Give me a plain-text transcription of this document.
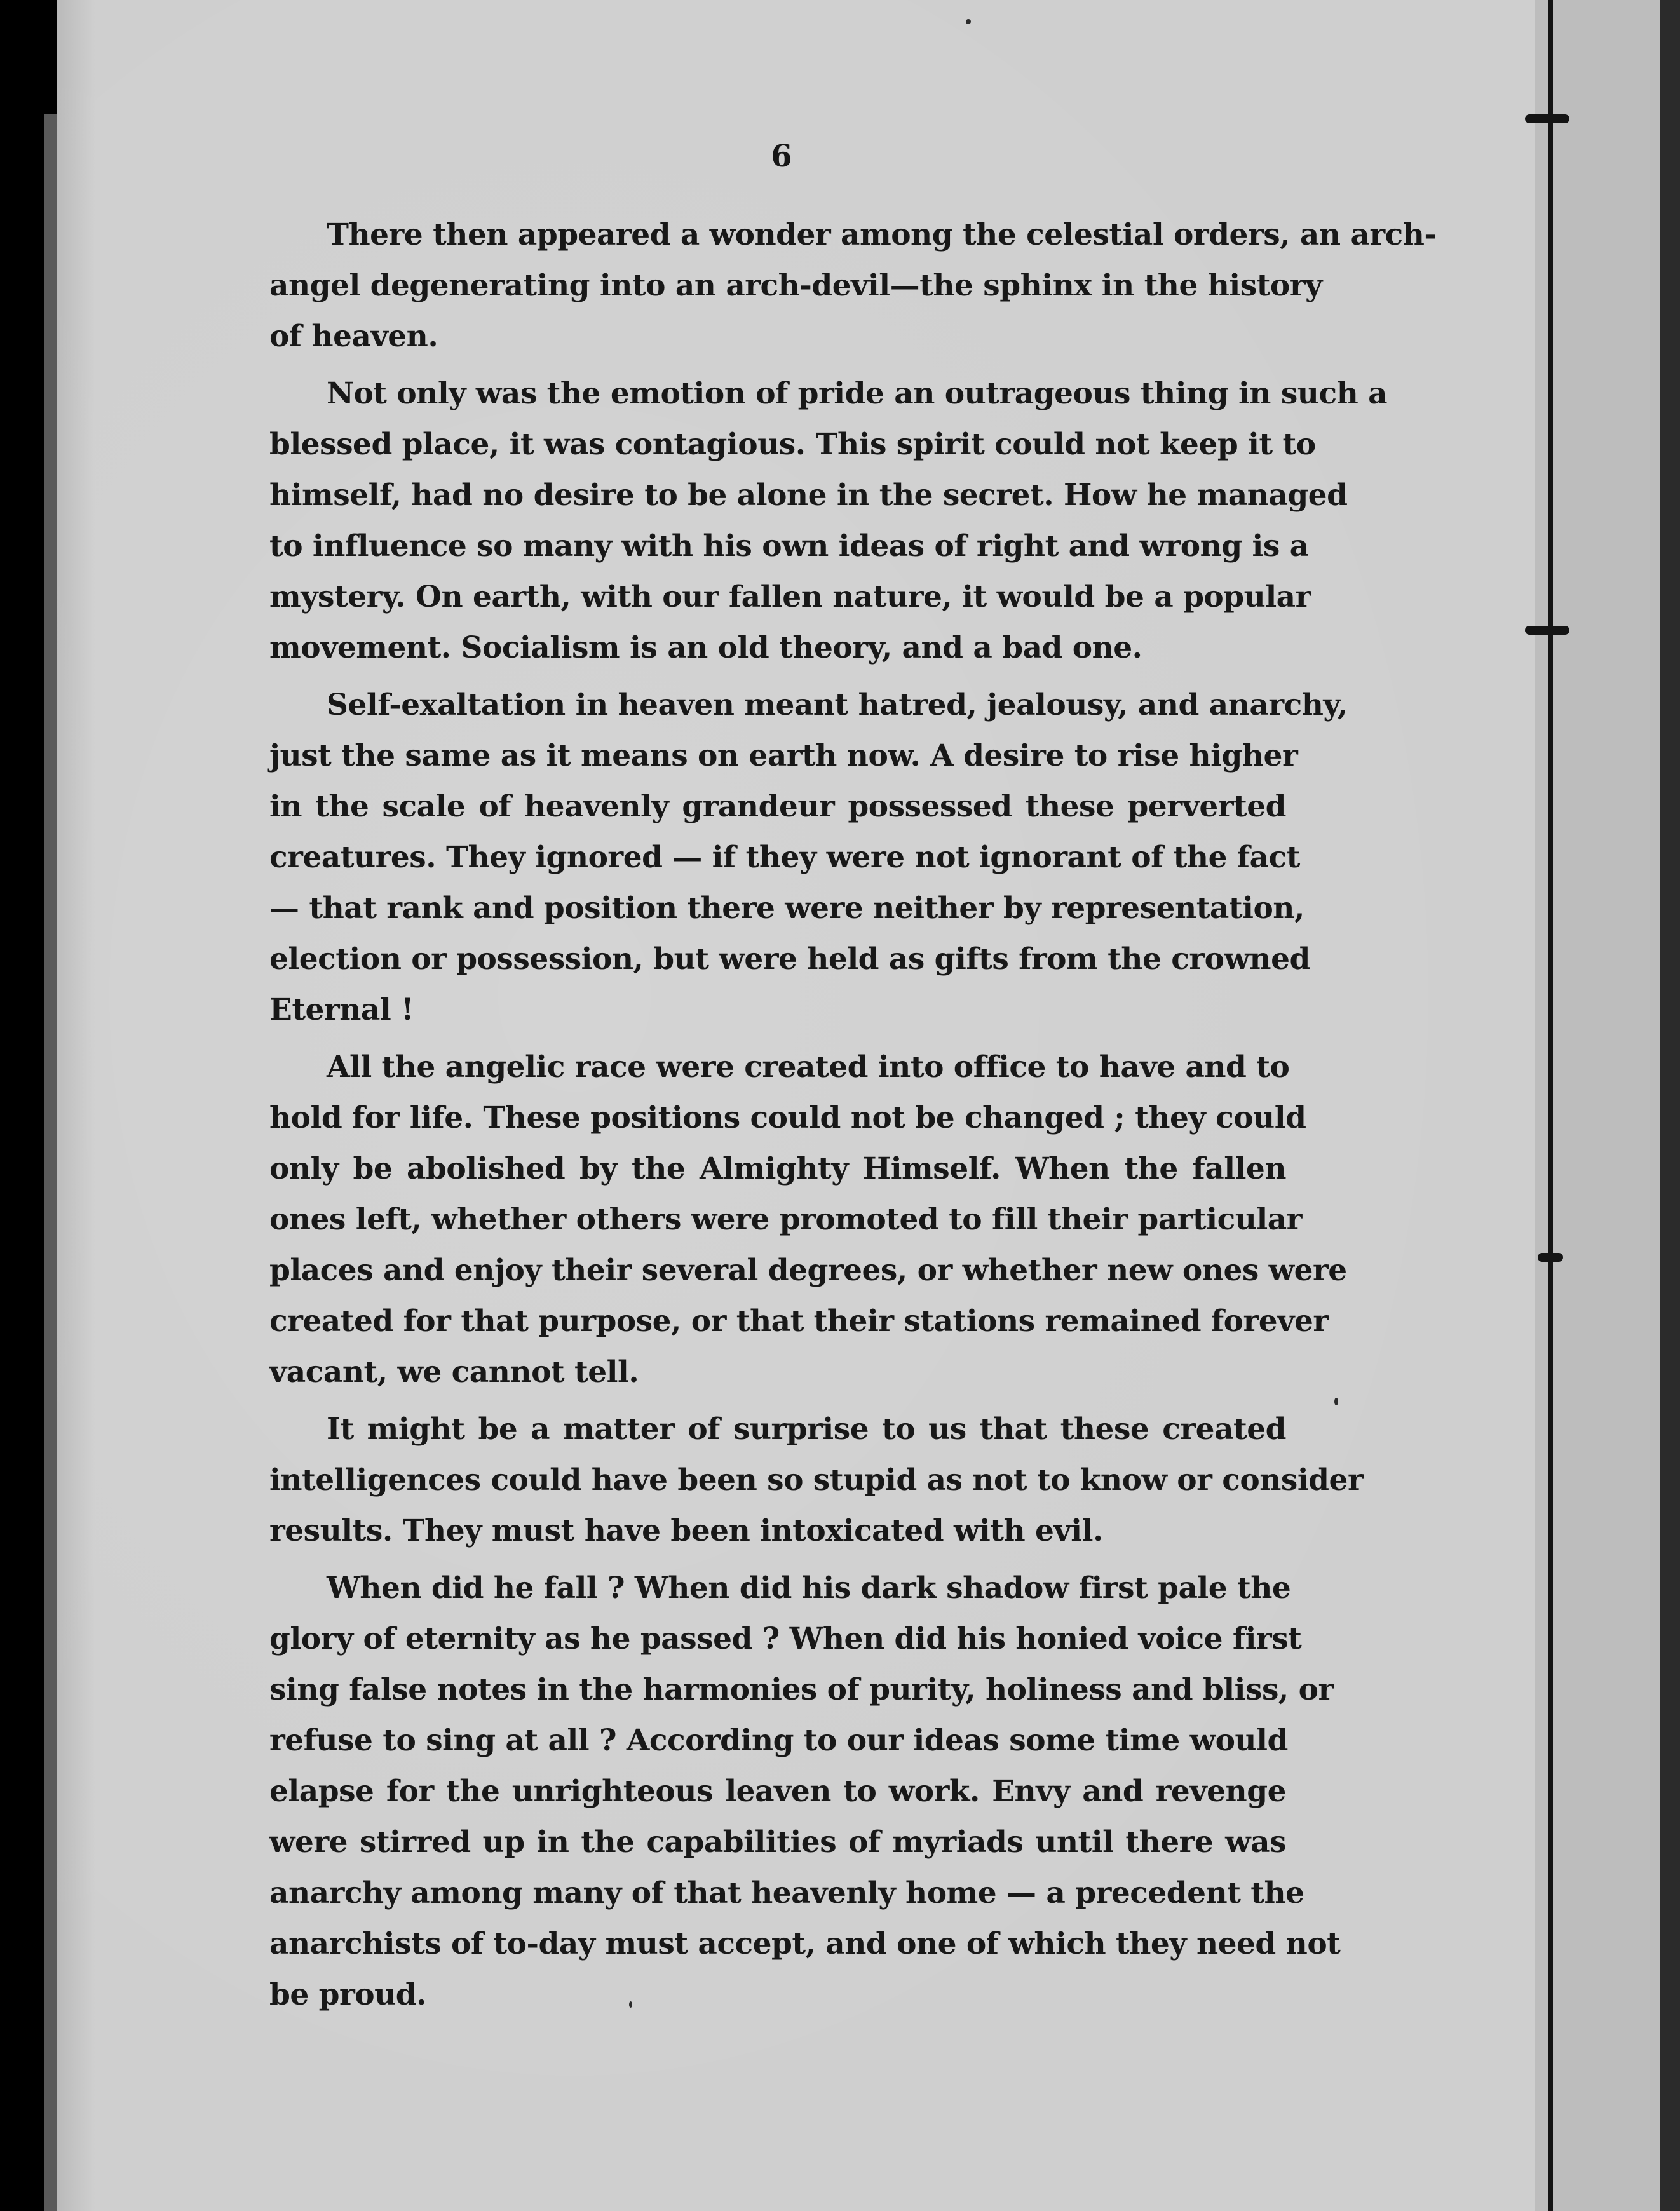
6
There then appeared a wonder among the celestial orders, an arch-
angel degenerating into an arch-devil—the sphinx in the history
of heaven.
Not only was the emotion of pride an outrageous thing in such a
blessed place, it was contagious. This spirit could not keep it to
himself, had no desire to be alone in the secret. How he managed
to influence so many with his own ideas of right and wrong is a
mystery. On earth, with our fallen nature, it would be a popular
movement. Socialism is an old theory, and a bad one.
Self-exaltation in heaven meant hatred, jealousy, and anarchy,
just the same as it means on earth now. A desire to rise higher
in the scale of heavenly grandeur possessed these perverted
creatures. They ignored — if they were not ignorant of the fact
— that rank and position there were neither by representation,
election or possession, but were held as gifts from the crowned
Eternal !
All the angelic race were created into office to have and to
hold for life. These positions could not be changed ; they could
only be abolished by the Almighty Himself. When the fallen
ones left, whether others were promoted to fill their particular
places and enjoy their several degrees, or whether new ones were
created for that purpose, or that their stations remained forever
vacant, we cannot tell.
It might be a matter of surprise to us that these created
intelligences could have been so stupid as not to know or consider
results. They must have been intoxicated with evil.
When did he fall ? When did his dark shadow first pale the
glory of eternity as he passed ? When did his honied voice first
sing false notes in the harmonies of purity, holiness and bliss, or
refuse to sing at all ? According to our ideas some time would
elapse for the unrighteous leaven to work. Envy and revenge
were stirred up in the capabilities of myriads until there was
anarchy among many of that heavenly home — a precedent the
anarchists of to-day must accept, and one of which they need not
be proud.
